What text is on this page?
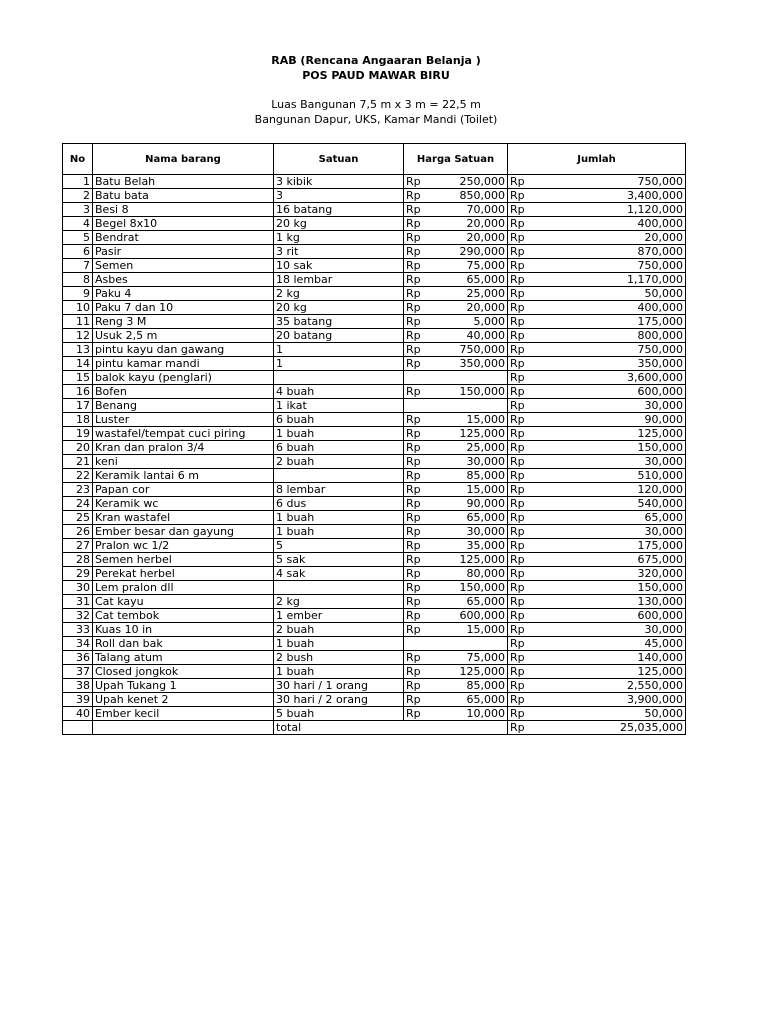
RAB (Rencana Angaaran Belanja )
POS PAUD MAWAR BIRU
Luas Bangunan 7,5 m x 3 m = 22,5 m
Bangunan Dapur, UKS, Kamar Mandi (Toilet)
No	Nama barang	Satuan	Harga Satuan		Jumlah	
1	Batu Belah	3 kibik	Rp	250,000	Rp	750,000
2	Batu bata	3	Rp	850,000	Rp	3,400,000
3	Besi 8	16 batang	Rp	70,000	Rp	1,120,000
4	Begel 8x10	20 kg	Rp	20,000	Rp	400,000
5	Bendrat	1 kg	Rp	20,000	Rp	20,000
6	Pasir	3 rit	Rp	290,000	Rp	870,000
7	Semen	10 sak	Rp	75,000	Rp	750,000
8	Asbes	18 lembar	Rp	65,000	Rp	1,170,000
9	Paku 4	2 kg	Rp	25,000	Rp	50,000
10	Paku 7 dan 10	20 kg	Rp	20,000	Rp	400,000
11	Reng 3 M	35 batang	Rp	5,000	Rp	175,000
12	Usuk 2,5 m	20 batang	Rp	40,000	Rp	800,000
13	pintu kayu dan gawang	1	Rp	750,000	Rp	750,000
14	pintu kamar mandi	1	Rp	350,000	Rp	350,000
15	balok kayu (penglari)				Rp	3,600,000
16	Bofen	4 buah	Rp	150,000	Rp	600,000
17	Benang	1 ikat			Rp	30,000
18	Luster	6 buah	Rp	15,000	Rp	90,000
19	wastafel/tempat cuci piring	1 buah	Rp	125,000	Rp	125,000
20	Kran dan pralon 3/4	6 buah	Rp	25,000	Rp	150,000
21	keni	2 buah	Rp	30,000	Rp	30,000
22	Keramik lantai 6 m		Rp	85,000	Rp	510,000
23	Papan cor	8 lembar	Rp	15,000	Rp	120,000
24	Keramik wc	6 dus	Rp	90,000	Rp	540,000
25	Kran wastafel	1 buah	Rp	65,000	Rp	65,000
26	Ember besar dan gayung	1 buah	Rp	30,000	Rp	30,000
27	Pralon wc 1/2	5	Rp	35,000	Rp	175,000
28	Semen herbel	5 sak	Rp	125,000	Rp	675,000
29	Perekat herbel	4 sak	Rp	80,000	Rp	320,000
30	Lem pralon dll		Rp	150,000	Rp	150,000
31	Cat kayu	2 kg	Rp	65,000	Rp	130,000
32	Cat tembok	1 ember	Rp	600,000	Rp	600,000
33	Kuas 10 in	2 buah	Rp	15,000	Rp	30,000
34	Roll dan bak	1 buah			Rp	45,000
36	Talang atum	2 bush	Rp	75,000	Rp	140,000
37	Closed jongkok	1 buah	Rp	125,000	Rp	125,000
38	Upah Tukang 1	30 hari / 1 orang	Rp	85,000	Rp	2,550,000
39	Upah kenet 2	30 hari / 2 orang	Rp	65,000	Rp	3,900,000
40	Ember kecil	5 buah	Rp	10,000	Rp	50,000
		total			Rp	25,035,000
